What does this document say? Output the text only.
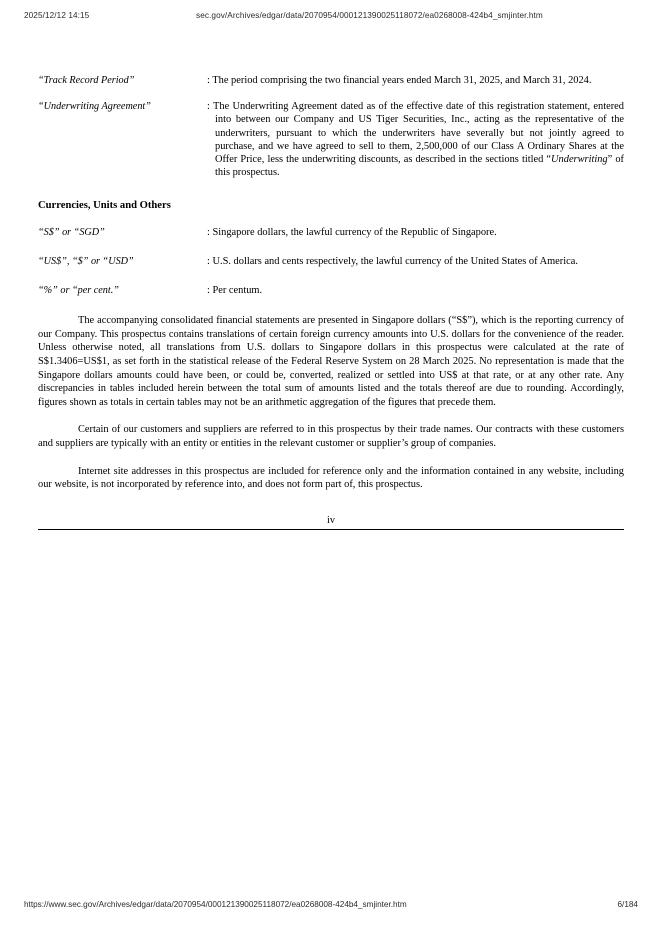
2025/12/12 14:15	sec.gov/Archives/edgar/data/2070954/000121390025118072/ea0268008-424b4_smjinter.htm
“Track Record Period”	: The period comprising the two financial years ended March 31, 2025, and March 31, 2024.
“Underwriting Agreement”	: The Underwriting Agreement dated as of the effective date of this registration statement, entered into between our Company and US Tiger Securities, Inc., acting as the representative of the underwriters, pursuant to which the underwriters have severally but not jointly agreed to purchase, and we have agreed to sell to them, 2,500,000 of our Class A Ordinary Shares at the Offer Price, less the underwriting discounts, as described in the sections titled “Underwriting” of this prospectus.
Currencies, Units and Others
“S$” or “SGD”	: Singapore dollars, the lawful currency of the Republic of Singapore.
“US$”, “$” or “USD”	: U.S. dollars and cents respectively, the lawful currency of the United States of America.
“%” or “per cent.”	: Per centum.

The accompanying consolidated financial statements are presented in Singapore dollars (“S$”), which is the reporting currency of our Company. This prospectus contains translations of certain foreign currency amounts into U.S. dollars for the convenience of the reader. Unless otherwise noted, all translations from U.S. dollars to Singapore dollars in this prospectus were calculated at the rate of S$1.3406=US$1, as set forth in the statistical release of the Federal Reserve System on 28 March 2025. No representation is made that the Singapore dollars amounts could have been, or could be, converted, realized or settled into US$ at that rate, or at any other rate. Any discrepancies in tables included herein between the total sum of amounts listed and the totals thereof are due to rounding. Accordingly, figures shown as totals in certain tables may not be an arithmetic aggregation of the figures that precede them.

Certain of our customers and suppliers are referred to in this prospectus by their trade names. Our contracts with these customers and suppliers are typically with an entity or entities in the relevant customer or supplier’s group of companies.

Internet site addresses in this prospectus are included for reference only and the information contained in any website, including our website, is not incorporated by reference into, and does not form part of, this prospectus.

iv
https://www.sec.gov/Archives/edgar/data/2070954/000121390025118072/ea0268008-424b4_smjinter.htm	6/184
